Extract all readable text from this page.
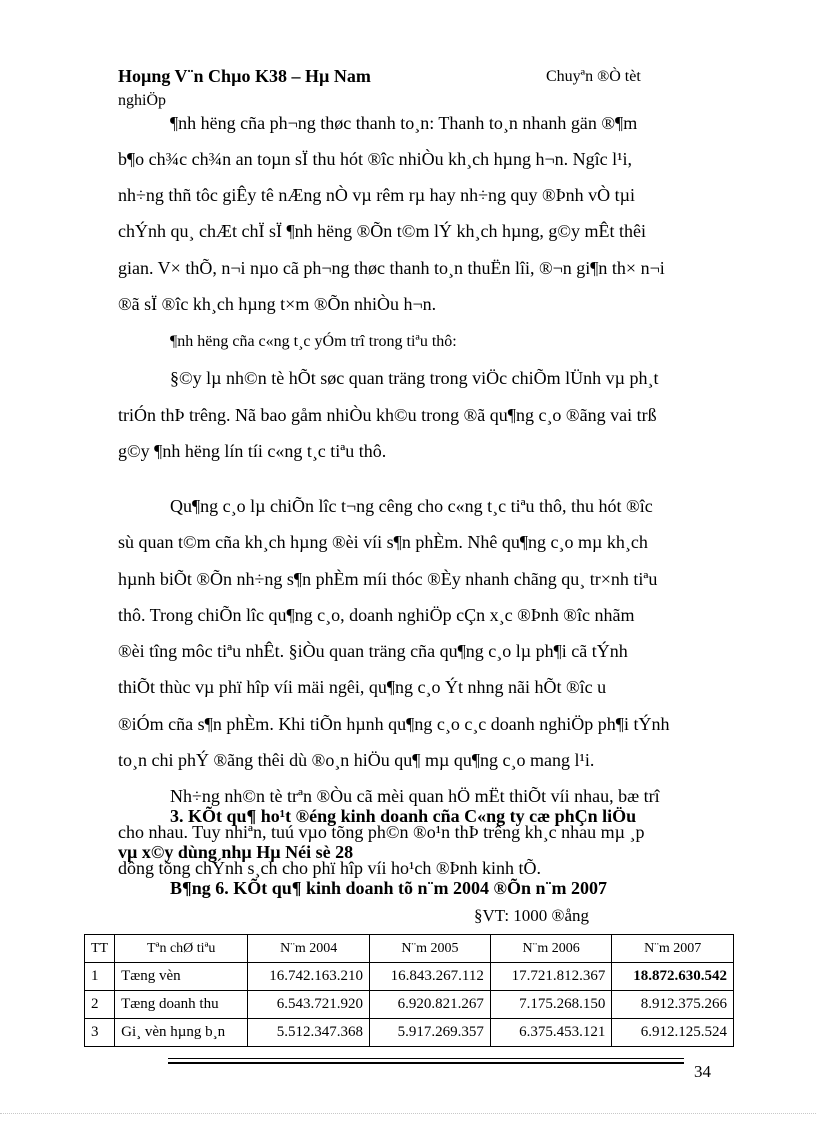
Hoµng V¨n Chµo K38 – Hµ Nam	Chuyªn ®Ò tèt
nghiÖp
¶nh hëng cña ph¬ng thøc thanh to¸n: Thanh to¸n nhanh gän ®¶m
b¶o ch¾c ch¾n an toµn sÏ thu hót ®îc nhiÒu kh¸ch hµng h¬n. Ngîc l¹i,
nh÷ng thñ tôc giÊy tê nÆng nÒ vµ rêm rµ hay nh÷ng quy ®Þnh vÒ tµi
chÝnh qu¸ chÆt chÏ sÏ ¶nh hëng ®Õn t©m lÝ kh¸ch hµng, g©y mÊt thêi
gian. V× thÕ, n¬i nµo cã ph¬ng thøc thanh to¸n thuËn lîi, ®¬n gi¶n th× n¬i
®ã sÏ ®îc kh¸ch hµng t×m ®Õn nhiÒu h¬n.
¶nh hëng cña c«ng t¸c yÓm trî trong tiªu thô:
§©y lµ nh©n tè hÕt søc quan träng trong viÖc chiÕm lÜnh vµ ph¸t
triÓn thÞ trêng. Nã bao gåm nhiÒu kh©u trong ®ã qu¶ng c¸o ®ãng vai trß
g©y ¶nh hëng lín tíi c«ng t¸c tiªu thô.
Qu¶ng c¸o lµ chiÕn lîc t¬ng cêng cho c«ng t¸c tiªu thô, thu hót ®îc
sù quan t©m cña kh¸ch hµng ®èi víi s¶n phÈm. Nhê qu¶ng c¸o mµ kh¸ch
hµnh biÕt ®Õn nh÷ng s¶n phÈm míi thóc ®Èy nhanh chãng qu¸ tr×nh tiªu
thô. Trong chiÕn lîc qu¶ng c¸o, doanh nghiÖp cÇn x¸c ®Þnh ®îc nhãm
®èi tîng môc tiªu nhÊt. §iÒu quan träng cña qu¶ng c¸o lµ ph¶i cã tÝnh
thiÕt thùc vµ phï hîp víi mäi ngêi, qu¶ng c¸o Ýt nhng nãi hÕt ®îc u
®iÓm cña s¶n phÈm. Khi tiÕn hµnh qu¶ng c¸o c¸c doanh nghiÖp ph¶i tÝnh
to¸n chi phÝ ®ãng thêi dù ®o¸n hiÖu qu¶ mµ qu¶ng c¸o mang l¹i.
Nh÷ng nh©n tè trªn ®Òu cã mèi quan hÖ mËt thiÕt víi nhau, bæ trî
cho nhau. Tuy nhiªn, tuú vµo tõng ph©n ®o¹n thÞ trêng kh¸c nhau mµ ¸p
dông tõng chÝnh s¸ch cho phï hîp víi ho¹ch ®Þnh kinh tÕ.
3. KÕt qu¶ ho¹t ®éng kinh doanh cña C«ng ty cæ phÇn liÖu
vµ x©y dùng nhµ Hµ Néi sè 28
B¶ng 6. KÕt qu¶ kinh doanh tõ n¨m 2004 ®Õn n¨m 2007
§VT: 1000 ®ång
TT	Tªn chØ tiªu	N¨m 2004	N¨m 2005	N¨m 2006	N¨m 2007
1	Tæng vèn	16.742.163.210	16.843.267.112	17.721.812.367	18.872.630.542
2	Tæng doanh thu	6.543.721.920	6.920.821.267	7.175.268.150	8.912.375.266
3	Gi¸ vèn hµng b¸n	5.512.347.368	5.917.269.357	6.375.453.121	6.912.125.524
34
